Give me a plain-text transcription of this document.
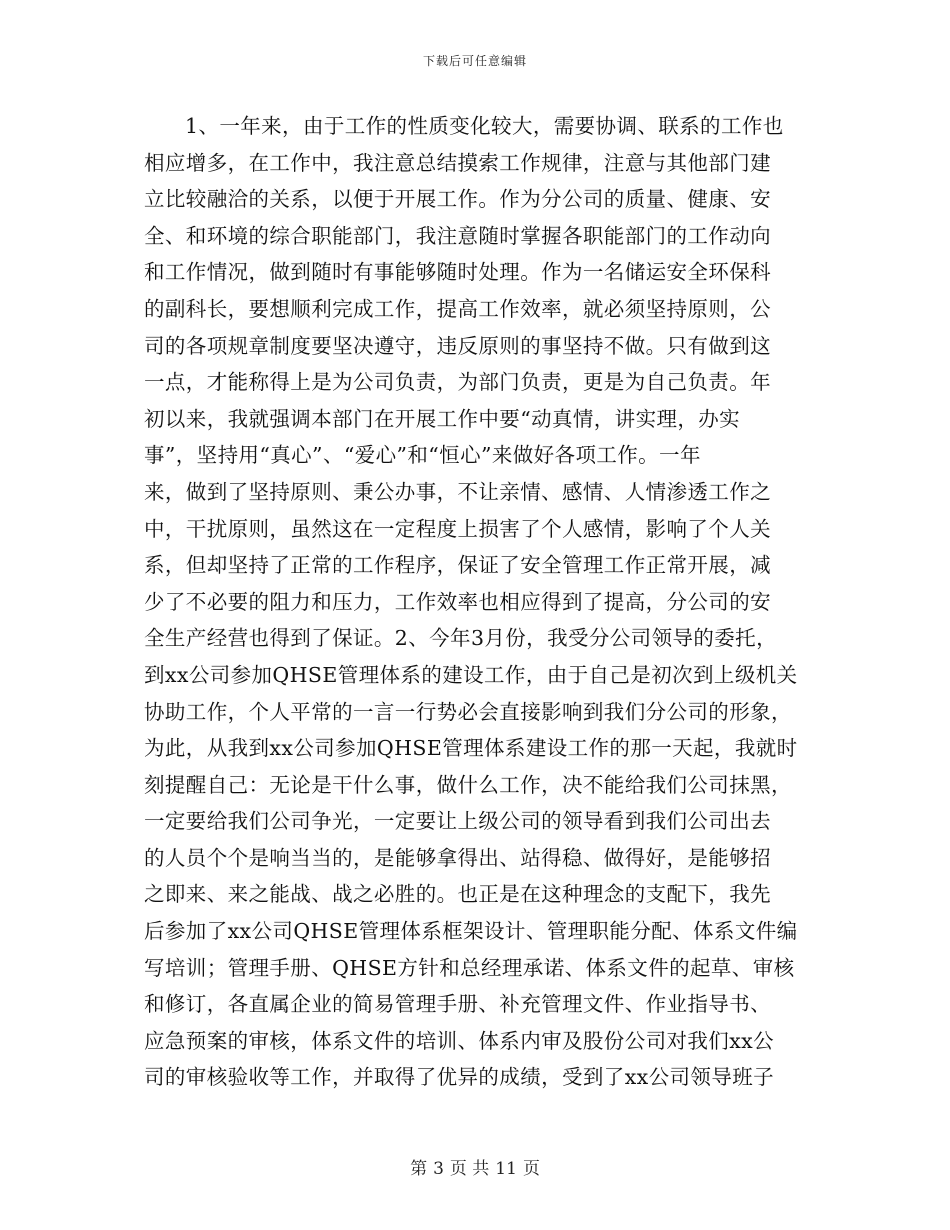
下载后可任意编辑
1、一年来，由于工作的性质变化较大，需要协调、联系的工作也
相应增多，在工作中，我注意总结摸索工作规律，注意与其他部门建
立比较融洽的关系，以便于开展工作。作为分公司的质量、健康、安
全、和环境的综合职能部门，我注意随时掌握各职能部门的工作动向
和工作情况，做到随时有事能够随时处理。作为一名储运安全环保科
的副科长，要想顺利完成工作，提高工作效率，就必须坚持原则，公
司的各项规章制度要坚决遵守，违反原则的事坚持不做。只有做到这
一点，才能称得上是为公司负责，为部门负责，更是为自己负责。年
初以来，我就强调本部门在开展工作中要“动真情，讲实理，办实
事”，坚持用“真心”、“爱心”和“恒心”来做好各项工作。一年
来，做到了坚持原则、秉公办事，不让亲情、感情、人情渗透工作之
中，干扰原则，虽然这在一定程度上损害了个人感情，影响了个人关
系，但却坚持了正常的工作程序，保证了安全管理工作正常开展，减
少了不必要的阻力和压力，工作效率也相应得到了提高，分公司的安
全生产经营也得到了保证。2、今年3月份，我受分公司领导的委托，
到xx公司参加QHSE管理体系的建设工作，由于自己是初次到上级机关
协助工作，个人平常的一言一行势必会直接影响到我们分公司的形象，
为此，从我到xx公司参加QHSE管理体系建设工作的那一天起，我就时
刻提醒自己：无论是干什么事，做什么工作，决不能给我们公司抹黑，
一定要给我们公司争光，一定要让上级公司的领导看到我们公司出去
的人员个个是响当当的，是能够拿得出、站得稳、做得好，是能够招
之即来、来之能战、战之必胜的。也正是在这种理念的支配下，我先
后参加了xx公司QHSE管理体系框架设计、管理职能分配、体系文件编
写培训；管理手册、QHSE方针和总经理承诺、体系文件的起草、审核
和修订，各直属企业的简易管理手册、补充管理文件、作业指导书、
应急预案的审核，体系文件的培训、体系内审及股份公司对我们xx公
司的审核验收等工作，并取得了优异的成绩，受到了xx公司领导班子
第 3 页 共 11 页
